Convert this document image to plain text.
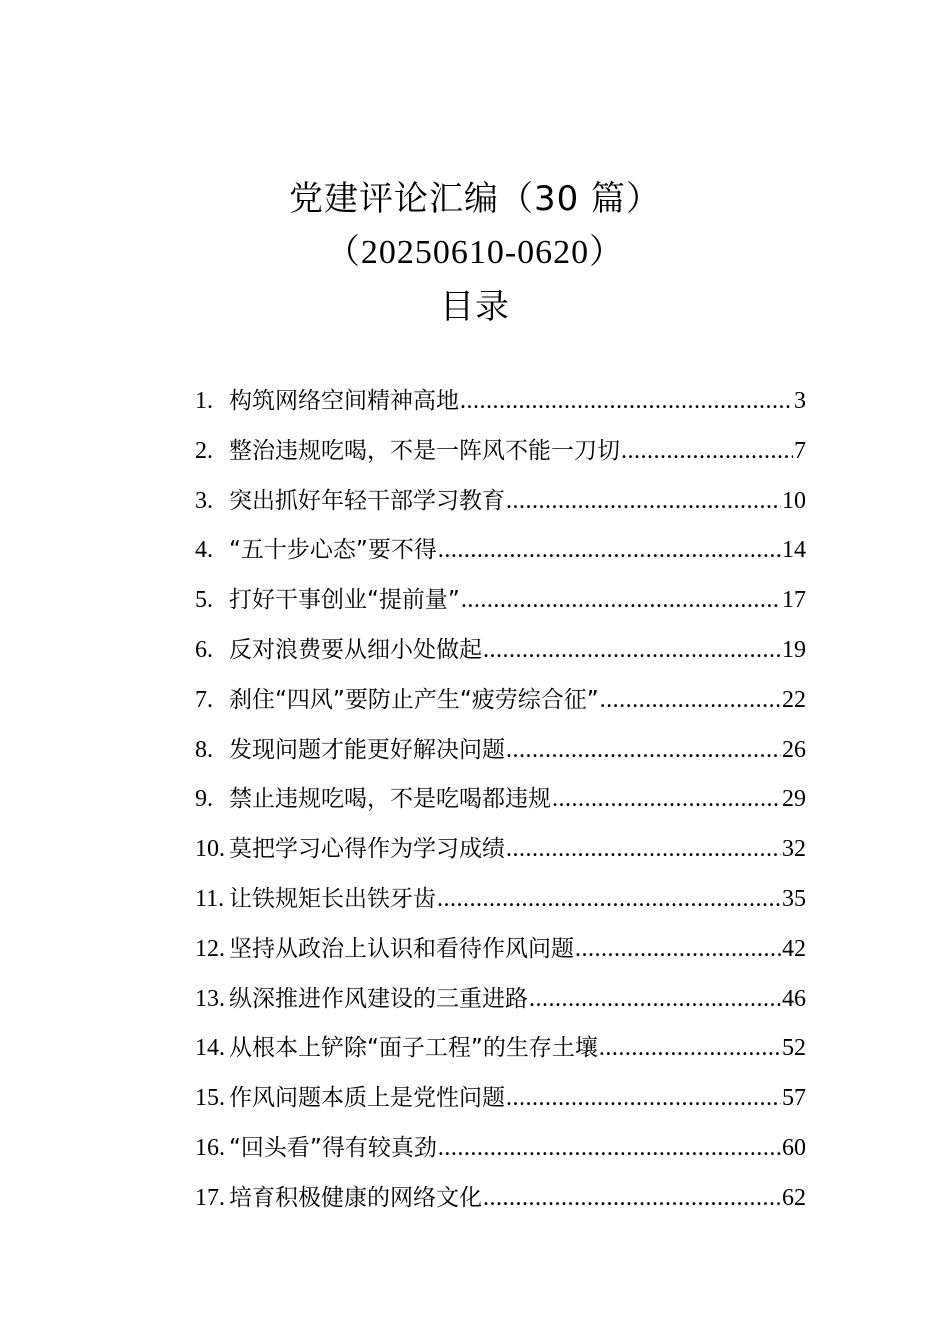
党建评论汇编（30 篇）
（20250610-0620）
目录
1. 构筑网络空间精神高地 .....	3
2. 整治违规吃喝，不是一阵风不能一刀切 .....	7
3. 突出抓好年轻干部学习教育 .....	10
4. “五十步心态”要不得 .....	14
5. 打好干事创业“提前量” .....	17
6. 反对浪费要从细小处做起 .....	19
7. 刹住“四风”要防止产生“疲劳综合征” .....	22
8. 发现问题才能更好解决问题 .....	26
9. 禁止违规吃喝，不是吃喝都违规 .....	29
10. 莫把学习心得作为学习成绩 .....	32
11. 让铁规矩长出铁牙齿 .....	35
12. 坚持从政治上认识和看待作风问题 .....	42
13. 纵深推进作风建设的三重进路 .....	46
14. 从根本上铲除“面子工程”的生存土壤 .....	52
15. 作风问题本质上是党性问题 .....	57
16. “回头看”得有较真劲 .....	60
17. 培育积极健康的网络文化 .....	62
